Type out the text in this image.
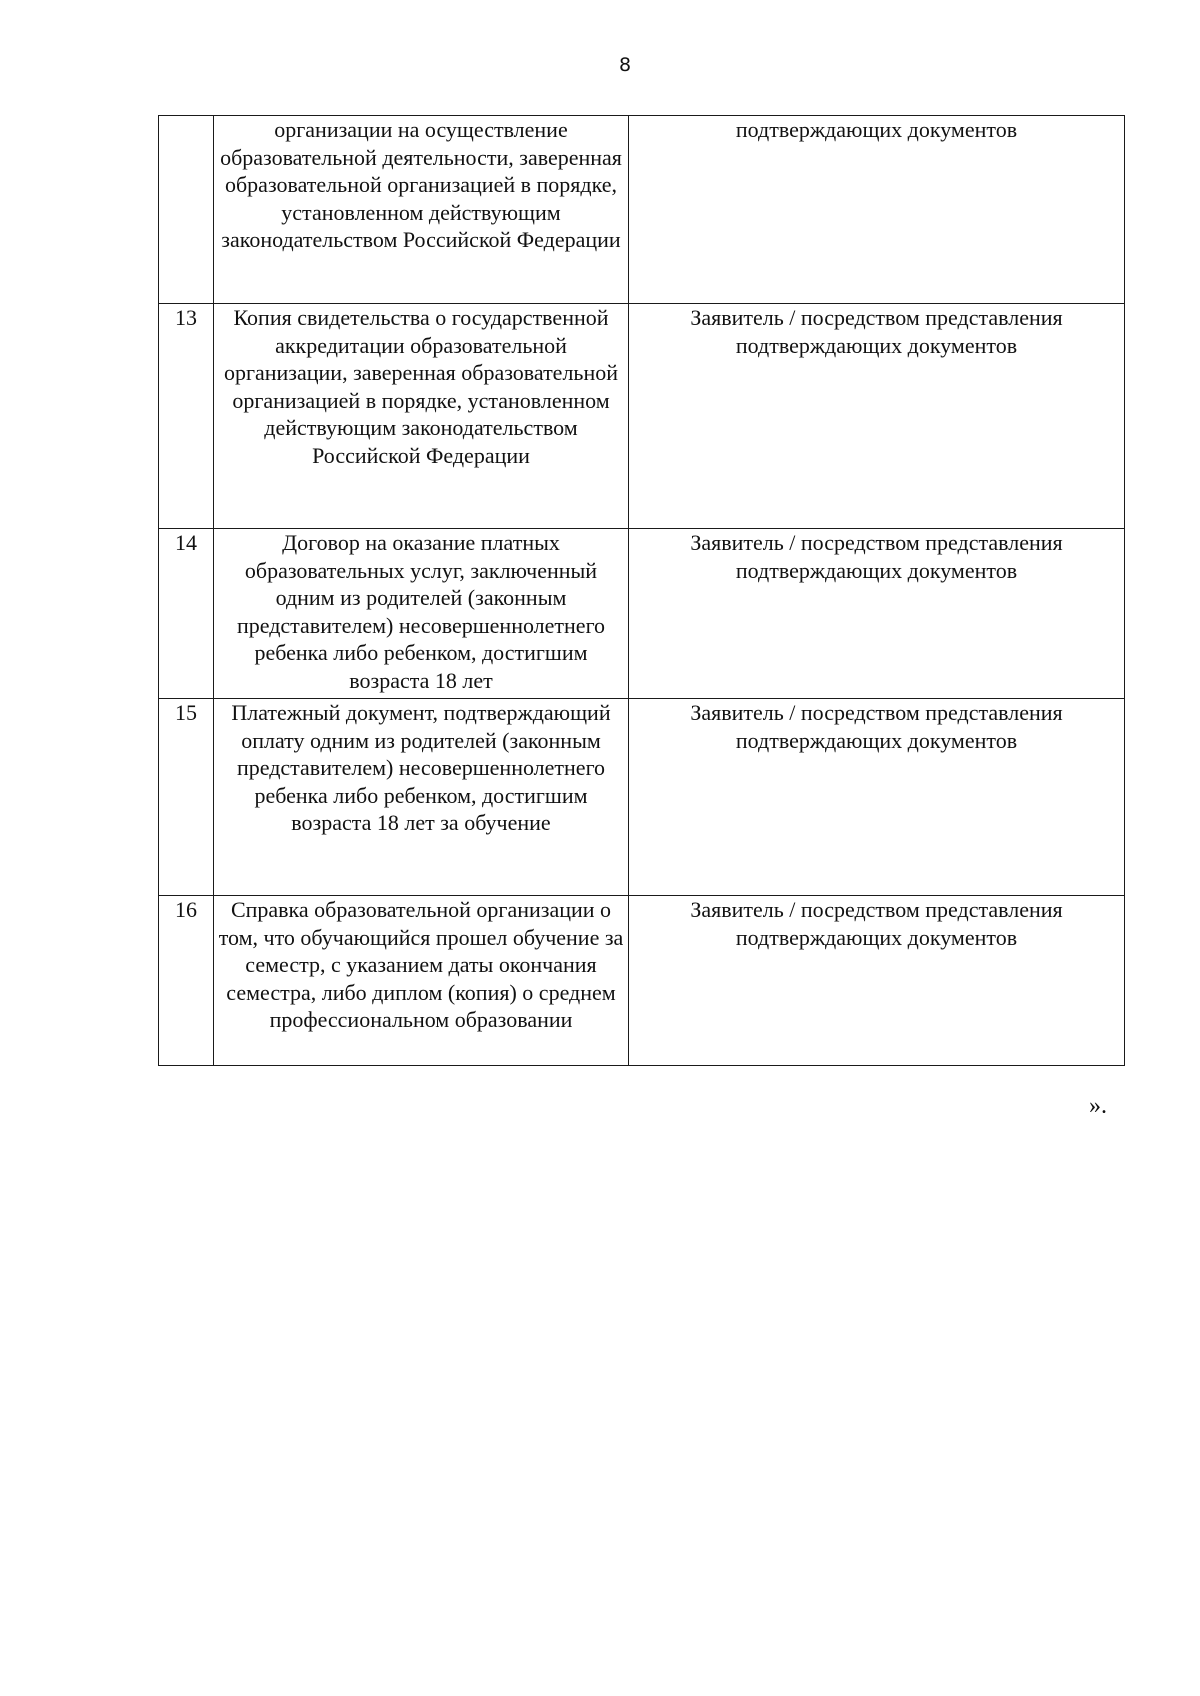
8
	организации на осуществление образовательной деятельности, заверенная образовательной организацией в порядке, установленном действующим законодательством Российской Федерации	подтверждающих документов

13	Копия свидетельства о государственной аккредитации образовательной организации, заверенная образовательной организацией в порядке, установленном действующим законодательством Российской Федерации	Заявитель / посредством представления подтверждающих документов

14	Договор на оказание платных образовательных услуг, заключенный одним из родителей (законным представителем) несовершеннолетнего ребенка либо ребенком, достигшим возраста 18 лет	Заявитель / посредством представления подтверждающих документов

15	Платежный документ, подтверждающий оплату одним из родителей (законным представителем) несовершеннолетнего ребенка либо ребенком, достигшим возраста 18 лет за обучение	Заявитель / посредством представления подтверждающих документов

16	Справка образовательной организации о том, что обучающийся прошел обучение за семестр, с указанием даты окончания семестра, либо диплом (копия) о среднем профессиональном образовании	Заявитель / посредством представления подтверждающих документов
».
